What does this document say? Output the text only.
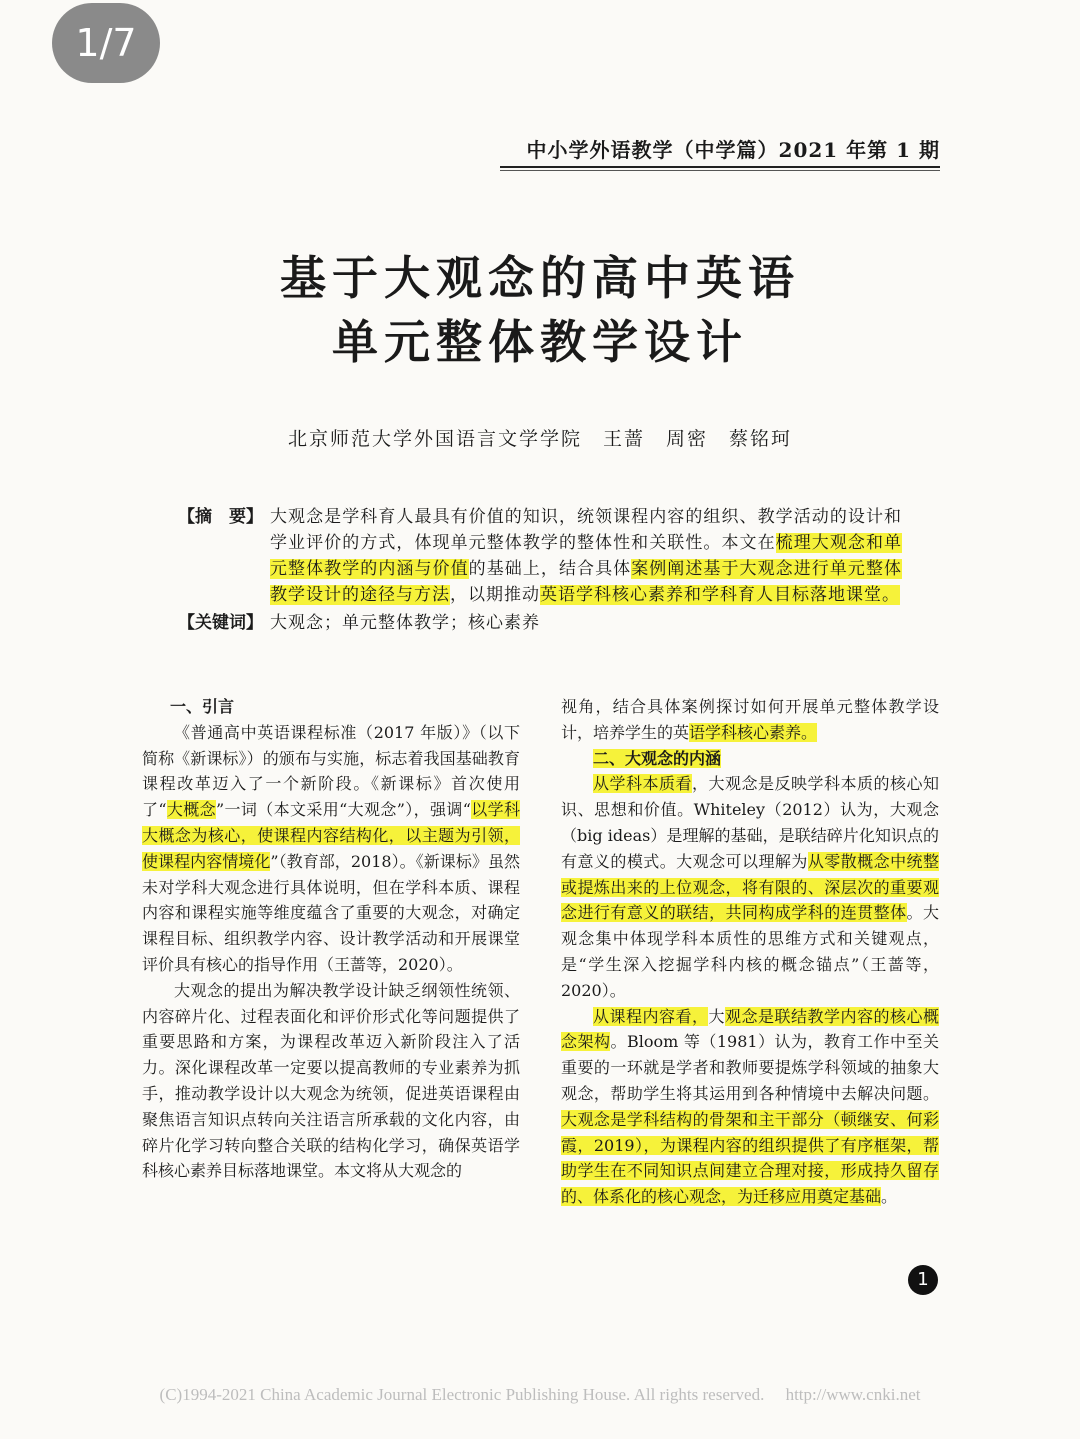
1/7
中小学外语教学（中学篇）2021 年第 1 期
基于大观念的高中英语
单元整体教学设计
北京师范大学外国语言文学学院　王蔷　周密　蔡铭珂
【摘　要】 大观念是学科育人最具有价值的知识，统领课程内容的组织、教学活动的设计和学业评价的方式，体现单元整体教学的整体性和关联性。本文在梳理大观念和单元整体教学的内涵与价值的基础上，结合具体案例阐述基于大观念进行单元整体教学设计的途径与方法，以期推动英语学科核心素养和学科育人目标落地课堂。
【关键词】 大观念；单元整体教学；核心素养

一、引言

《普通高中英语课程标准（2017 年版）》（以下简称《新课标》）的颁布与实施，标志着我国基础教育课程改革迈入了一个新阶段。《新课标》首次使用了“大概念”一词（本文采用“大观念”），强调“以学科大概念为核心，使课程内容结构化，以主题为引领，使课程内容情境化”（教育部，2018）。《新课标》虽然未对学科大观念进行具体说明，但在学科本质、课程内容和课程实施等维度蕴含了重要的大观念，对确定课程目标、组织教学内容、设计教学活动和开展课堂评价具有核心的指导作用（王蔷等，2020）。

大观念的提出为解决教学设计缺乏纲领性统领、内容碎片化、过程表面化和评价形式化等问题提供了重要思路和方案，为课程改革迈入新阶段注入了活力。深化课程改革一定要以提高教师的专业素养为抓手，推动教学设计以大观念为统领，促进英语课程由聚焦语言知识点转向关注语言所承载的文化内容，由碎片化学习转向整合关联的结构化学习，确保英语学科核心素养目标落地课堂。本文将从大观念的

视角，结合具体案例探讨如何开展单元整体教学设计，培养学生的英语学科核心素养。

二、大观念的内涵

从学科本质看，大观念是反映学科本质的核心知识、思想和价值。Whiteley（2012）认为，大观念（big ideas）是理解的基础，是联结碎片化知识点的有意义的模式。大观念可以理解为从零散概念中统整或提炼出来的上位观念，将有限的、深层次的重要观念进行有意义的联结，共同构成学科的连贯整体。大观念集中体现学科本质性的思维方式和关键观点，是“学生深入挖掘学科内核的概念锚点”（王蔷等，2020）。

从课程内容看，大观念是联结教学内容的核心概念架构。Bloom 等（1981）认为，教育工作中至关重要的一环就是学者和教师要提炼学科领域的抽象大观念，帮助学生将其运用到各种情境中去解决问题。大观念是学科结构的骨架和主干部分（顿继安、何彩霞，2019），为课程内容的组织提供了有序框架，帮助学生在不同知识点间建立合理对接，形成持久留存的、体系化的核心观念，为迁移应用奠定基础。

1
(C)1994-2021 China Academic Journal Electronic Publishing House. All rights reserved.　 http://www.cnki.net
